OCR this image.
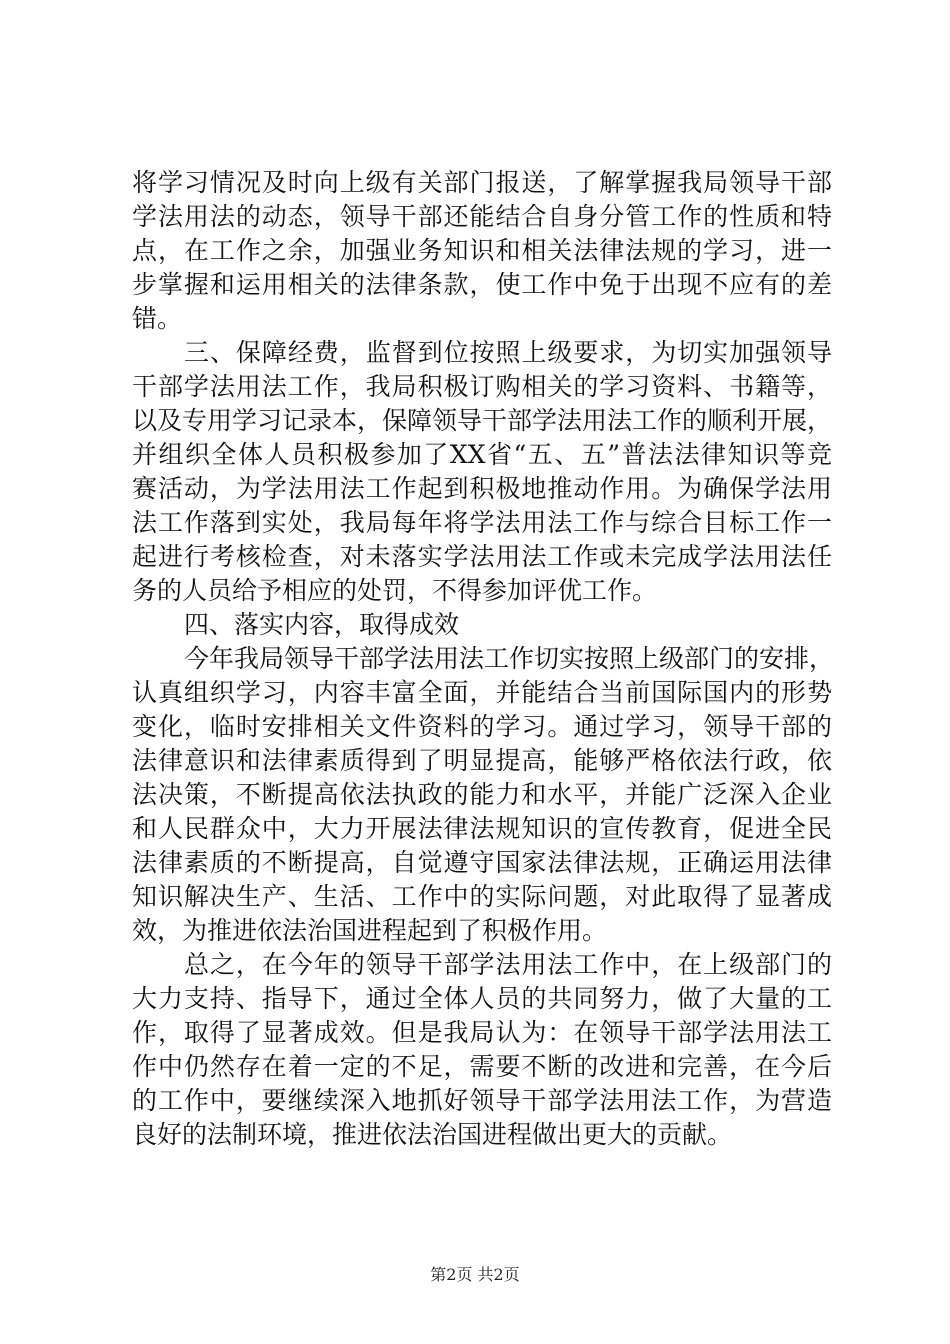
将学习情况及时向上级有关部门报送，了解掌握我局领导干部
学法用法的动态，领导干部还能结合自身分管工作的性质和特
点，在工作之余，加强业务知识和相关法律法规的学习，进一
步掌握和运用相关的法律条款，使工作中免于出现不应有的差
错。
三、保障经费，监督到位按照上级要求，为切实加强领导
干部学法用法工作，我局积极订购相关的学习资料、书籍等，
以及专用学习记录本，保障领导干部学法用法工作的顺利开展，
并组织全体人员积极参加了XX省“五、五”普法法律知识等竞
赛活动，为学法用法工作起到积极地推动作用。为确保学法用
法工作落到实处，我局每年将学法用法工作与综合目标工作一
起进行考核检查，对未落实学法用法工作或未完成学法用法任
务的人员给予相应的处罚，不得参加评优工作。
四、落实内容，取得成效
今年我局领导干部学法用法工作切实按照上级部门的安排，
认真组织学习，内容丰富全面，并能结合当前国际国内的形势
变化，临时安排相关文件资料的学习。通过学习，领导干部的
法律意识和法律素质得到了明显提高，能够严格依法行政，依
法决策，不断提高依法执政的能力和水平，并能广泛深入企业
和人民群众中，大力开展法律法规知识的宣传教育，促进全民
法律素质的不断提高，自觉遵守国家法律法规，正确运用法律
知识解决生产、生活、工作中的实际问题，对此取得了显著成
效，为推进依法治国进程起到了积极作用。
总之，在今年的领导干部学法用法工作中，在上级部门的
大力支持、指导下，通过全体人员的共同努力，做了大量的工
作，取得了显著成效。但是我局认为：在领导干部学法用法工
作中仍然存在着一定的不足，需要不断的改进和完善，在今后
的工作中，要继续深入地抓好领导干部学法用法工作，为营造
良好的法制环境，推进依法治国进程做出更大的贡献。
第2页 共2页
